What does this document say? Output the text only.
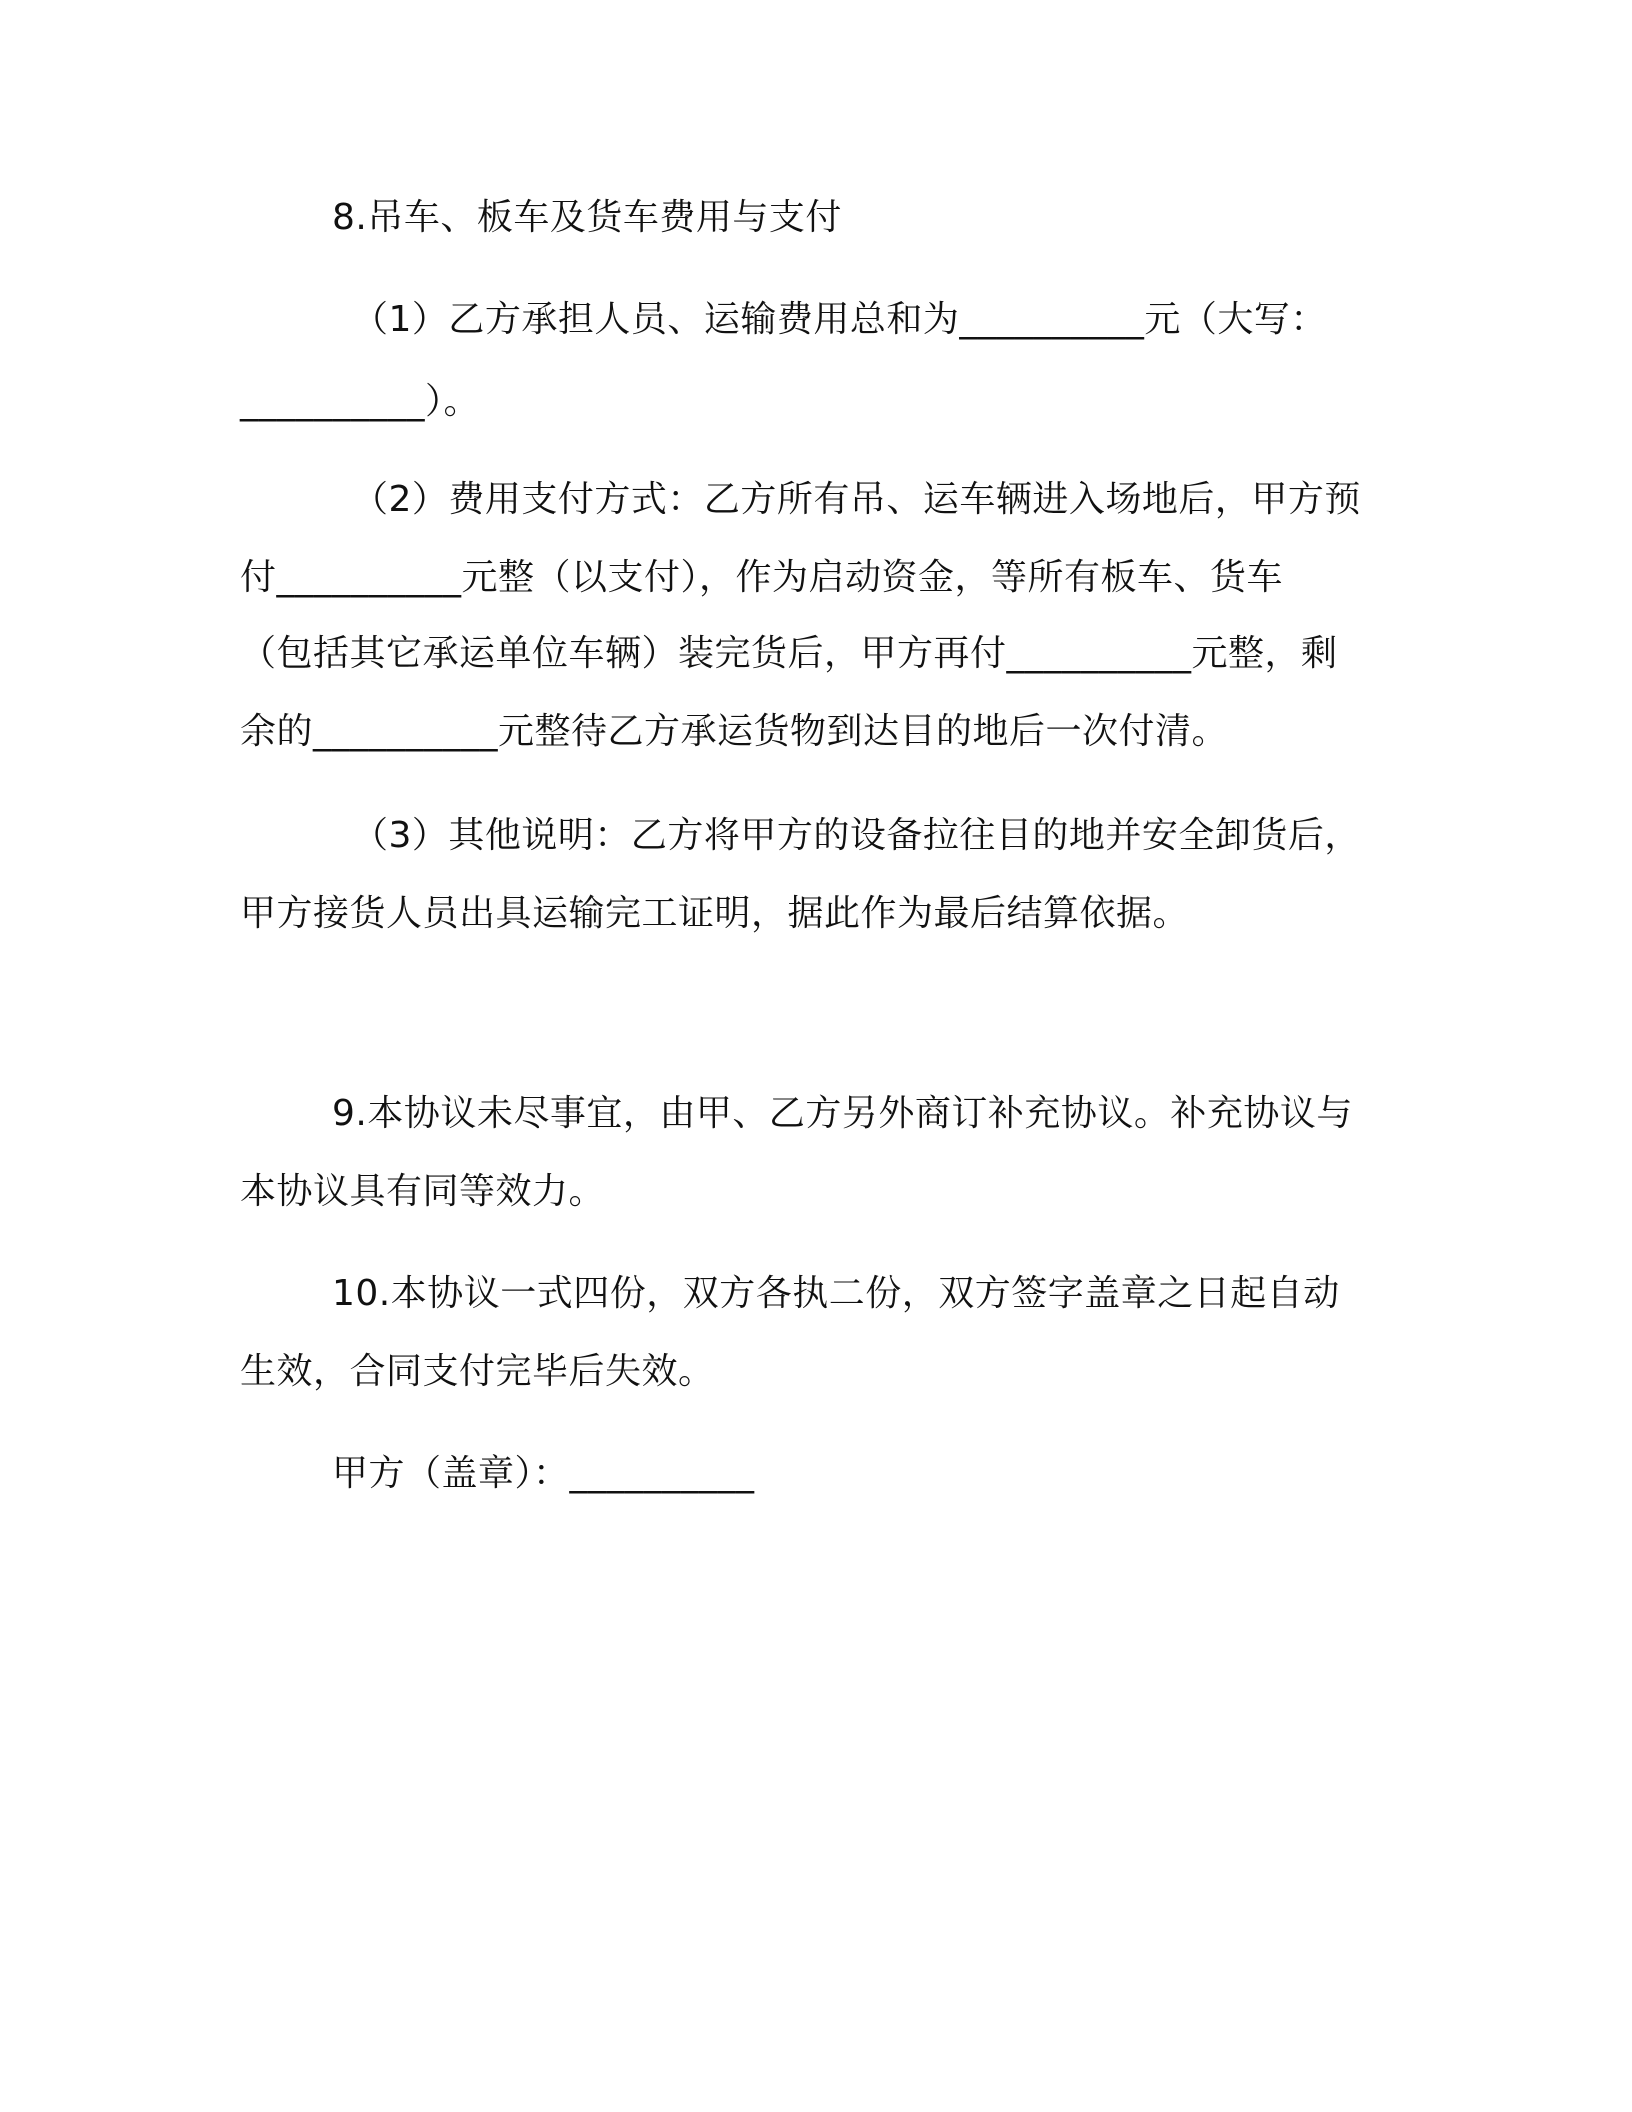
8.吊车、板车及货车费用与支付
（1）乙方承担人员、运输费用总和为__________元（大写：
__________）。
（2）费用支付方式：乙方所有吊、运车辆进入场地后，甲方预
付__________元整（以支付），作为启动资金，等所有板车、货车
（包括其它承运单位车辆）装完货后，甲方再付__________元整，剩
余的__________元整待乙方承运货物到达目的地后一次付清。
（3）其他说明：乙方将甲方的设备拉往目的地并安全卸货后，
甲方接货人员出具运输完工证明，据此作为最后结算依据。
9.本协议未尽事宜，由甲、乙方另外商订补充协议。补充协议与
本协议具有同等效力。
10.本协议一式四份，双方各执二份，双方签字盖章之日起自动
生效，合同支付完毕后失效。
甲方（盖章）：__________
